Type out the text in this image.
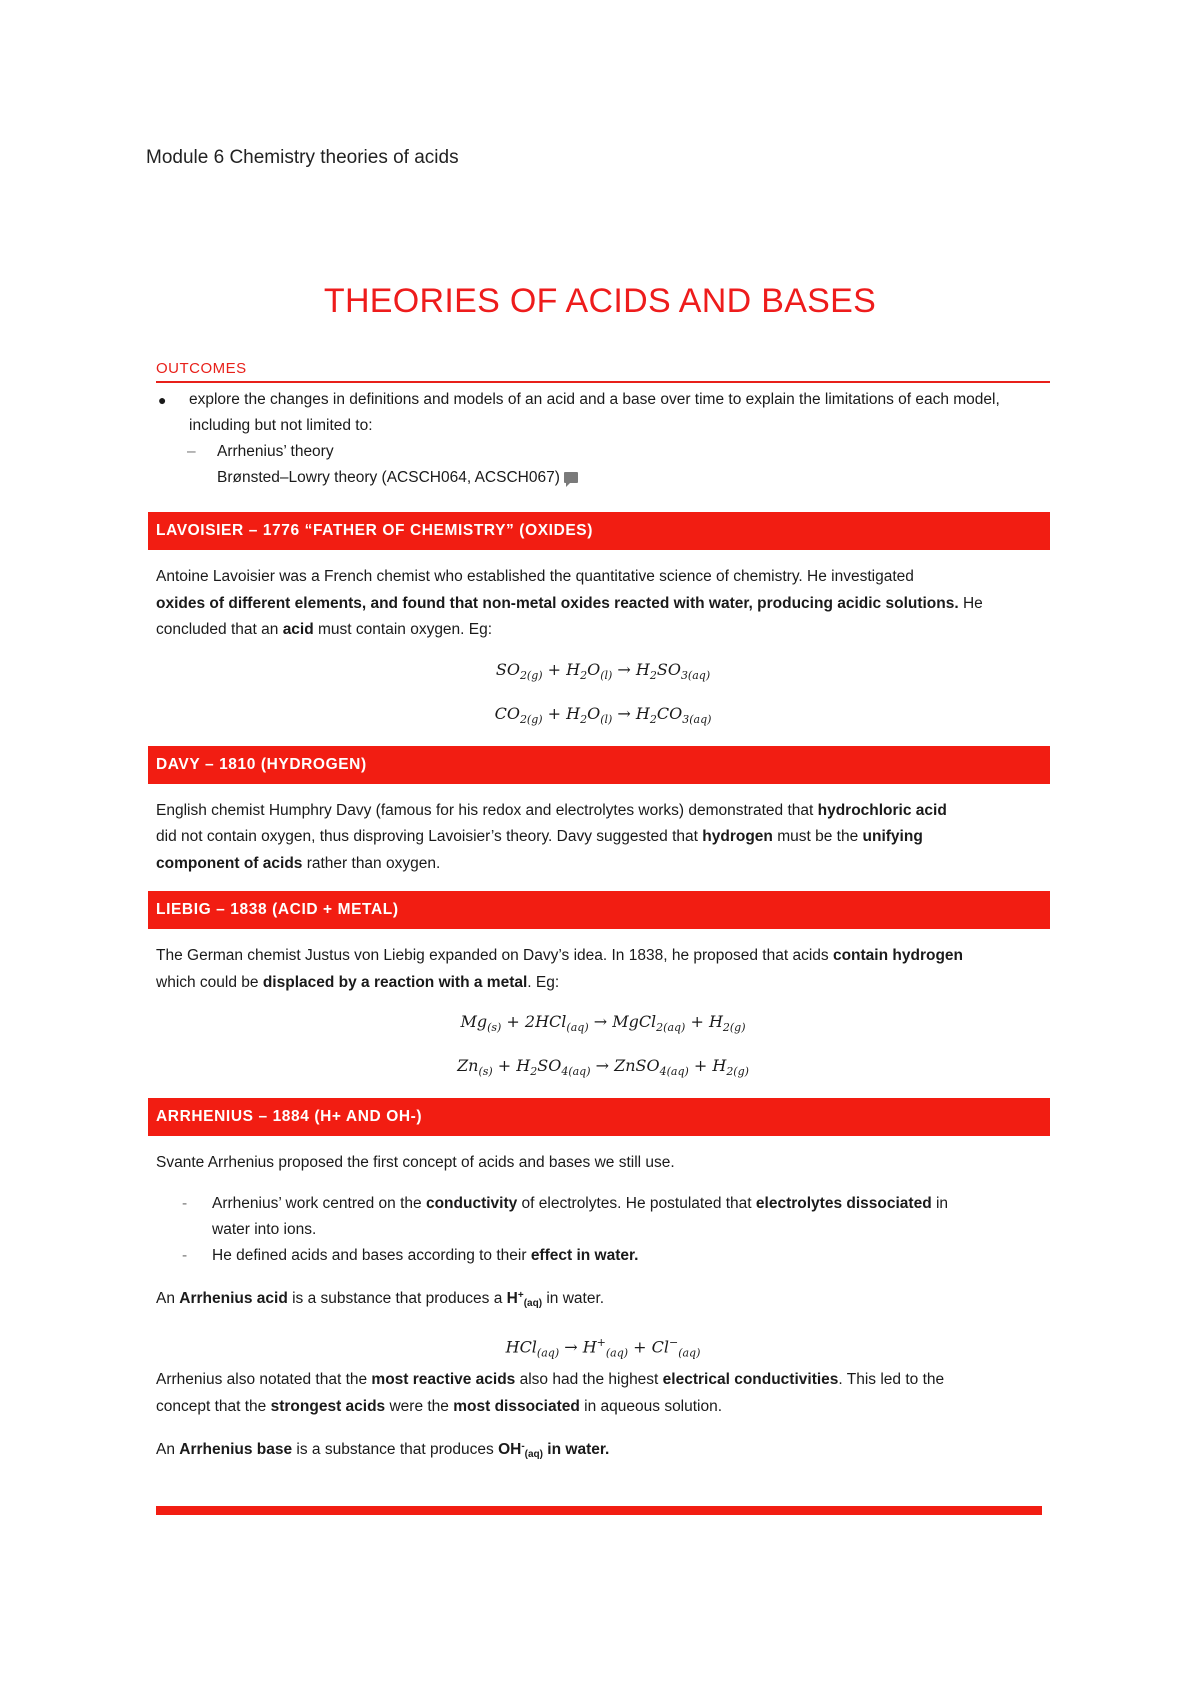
Module 6 Chemistry theories of acids
THEORIES OF ACIDS AND BASES
OUTCOMES
●	explore the changes in definitions and models of an acid and a base over time to explain the limitations of each model, including but not limited to:
–	Arrhenius’ theory
Brønsted–Lowry theory (ACSCH064, ACSCH067)
LAVOISIER – 1776 “FATHER OF CHEMISTRY” (OXIDES)

Antoine Lavoisier was a French chemist who established the quantitative science of chemistry. He investigated
oxides of different elements, and found that non-metal oxides reacted with water, producing acidic solutions. He
concluded that an acid must contain oxygen. Eg:

$SO_{2(g)} + H_2O_{(l)} \to H_2SO_{3(aq)}$
$CO_{2(g)} + H_2O_{(l)} \to H_2CO_{3(aq)}$
DAVY – 1810 (HYDROGEN)

English chemist Humphry Davy (famous for his redox and electrolytes works) demonstrated that hydrochloric acid
did not contain oxygen, thus disproving Lavoisier’s theory. Davy suggested that hydrogen must be the unifying
component of acids rather than oxygen.

LIEBIG – 1838 (ACID + METAL)

The German chemist Justus von Liebig expanded on Davy’s idea. In 1838, he proposed that acids contain hydrogen
which could be displaced by a reaction with a metal. Eg:

$Mg_{(s)} + 2HCl_{(aq)}$ → MgCl$_{2(aq)}$ + $H_{2(g)}$
$Zn_{(s)} + H_2SO_{4(aq)}$ → ZnSO$_{4(aq)}$ + $H_{2(g)}$
ARRHENIUS – 1884 (H+ AND OH-)

Svante Arrhenius proposed the first concept of acids and bases we still use.

-	Arrhenius’ work centred on the conductivity of electrolytes. He postulated that electrolytes dissociated in
water into ions.
-	He defined acids and bases according to their effect in water.

An Arrhenius acid is a substance that produces a H+(aq) in water.

$HCl_{(aq)} \to H^+_{(aq)} + Cl^-_{(aq)}$

Arrhenius also notated that the most reactive acids also had the highest electrical conductivities. This led to the
concept that the strongest acids were the most dissociated in aqueous solution.

An Arrhenius base is a substance that produces OH-(aq) in water.
